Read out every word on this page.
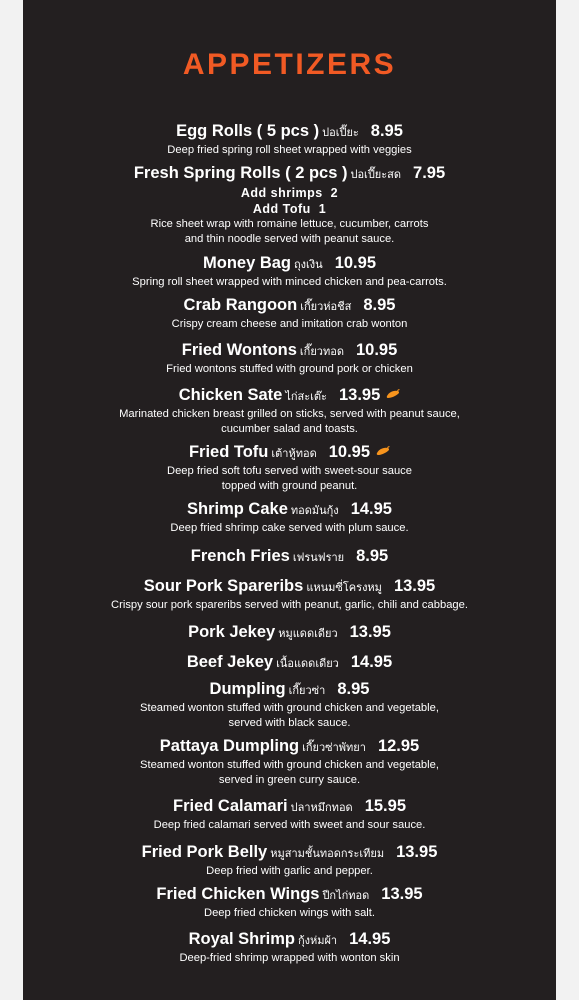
APPETIZERS
Egg Rolls ( 5 pcs ) ปอเปี๊ยะ 8.95
Deep fried spring roll sheet wrapped with veggies
Fresh Spring Rolls ( 2 pcs ) ปอเปี๊ยะสด 7.95
Add shrimps  2
Add Tofu  1
Rice sheet wrap with romaine lettuce, cucumber, carrots
and thin noodle served with peanut sauce.
Money Bag ถุงเงิน 10.95
Spring roll sheet wrapped with minced chicken and pea-carrots.
Crab Rangoon เกี๊ยวห่อชีส 8.95
Crispy cream cheese and imitation crab wonton
Fried Wontons เกี๊ยวทอด 10.95
Fried wontons stuffed with ground pork or chicken
Chicken Sate ไก่สะเต๊ะ 13.95
Marinated chicken breast grilled on sticks, served with peanut sauce,
cucumber salad and toasts.
Fried Tofu เต้าหู้ทอด 10.95
Deep fried soft tofu served with sweet-sour sauce
topped with ground peanut.
Shrimp Cake ทอดมันกุ้ง 14.95
Deep fried shrimp cake served with plum sauce.
French Fries เฟรนฟราย 8.95
Sour Pork Spareribs แหนมซี่โครงหมู 13.95
Crispy sour pork spareribs served with peanut, garlic, chili and cabbage.
Pork Jekey หมูแดดเดียว 13.95
Beef Jekey เนื้อแดดเดียว 14.95
Dumpling เกี๊ยวซ่า 8.95
Steamed wonton stuffed with ground chicken and vegetable,
served with black sauce.
Pattaya Dumpling เกี๊ยวซ่าพัทยา 12.95
Steamed wonton stuffed with ground chicken and vegetable,
served in green curry sauce.
Fried Calamari ปลาหมึกทอด 15.95
Deep fried calamari served with sweet and sour sauce.
Fried Pork Belly หมูสามชั้นทอดกระเทียม 13.95
Deep fried with garlic and pepper.
Fried Chicken Wings ปีกไก่ทอด 13.95
Deep fried chicken wings with salt.
Royal Shrimp กุ้งห่มผ้า 14.95
Deep-fried shrimp wrapped with wonton skin
